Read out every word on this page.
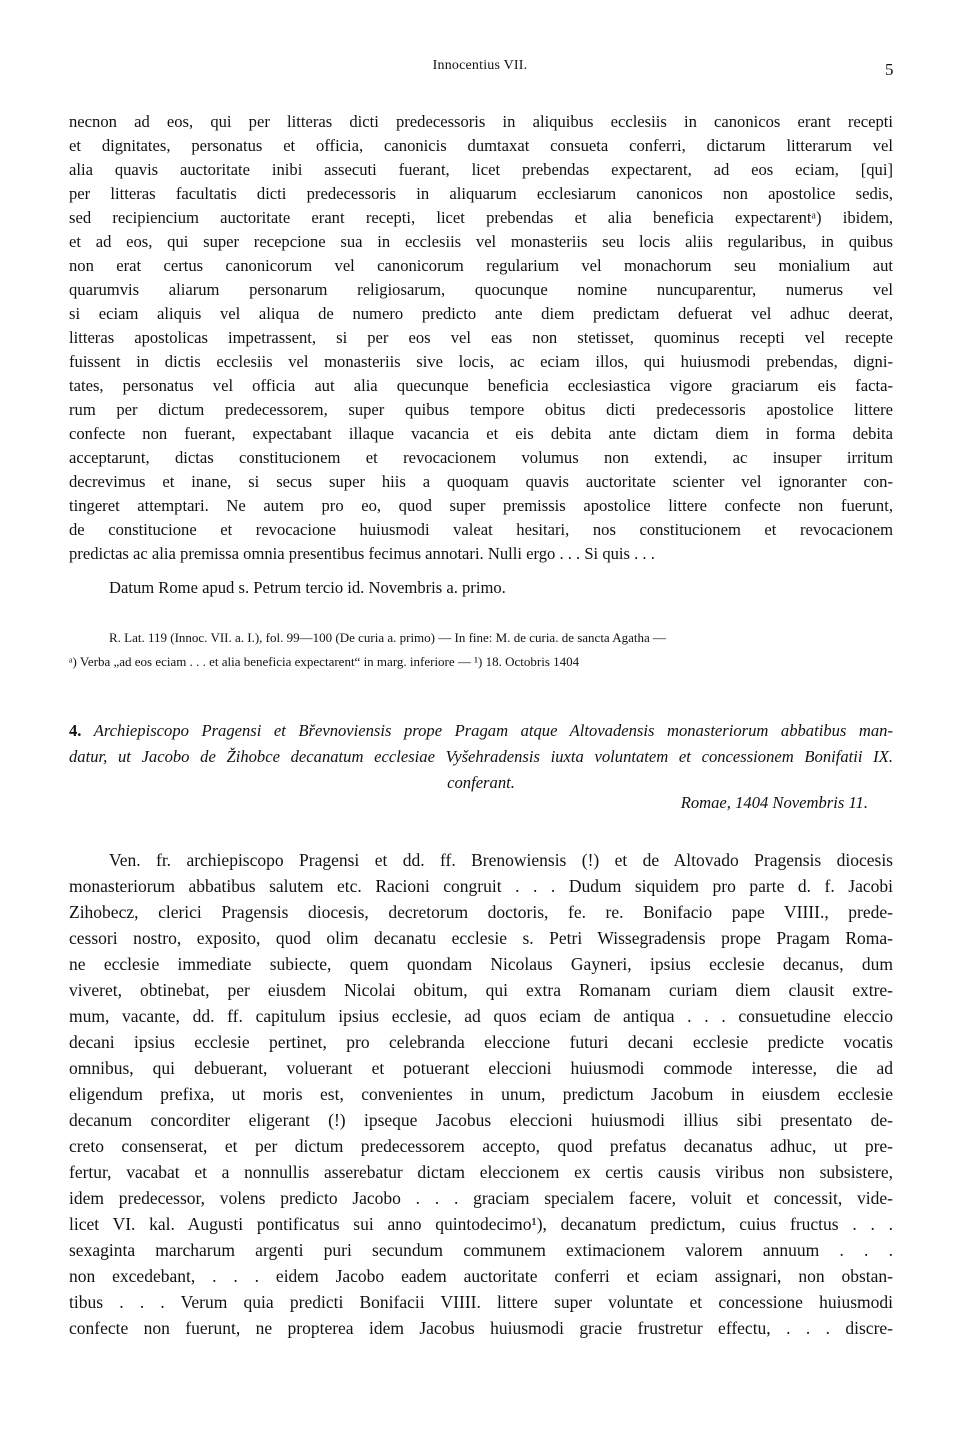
Innocentius VII.	5
necnon ad eos, qui per litteras dicti predecessoris in aliquibus ecclesiis in canonicos erant recepti
et dignitates, personatus et officia, canonicis dumtaxat consueta conferri, dictarum litterarum vel
alia quavis auctoritate inibi assecuti fuerant, licet prebendas expectarent, ad eos eciam, [qui]
per litteras facultatis dicti predecessoris in aliquarum ecclesiarum canonicos non apostolice sedis,
sed recipiencium auctoritate erant recepti, licet prebendas et alia beneficia expectarentᵃ) ibidem,
et ad eos, qui super recepcione sua in ecclesiis vel monasteriis seu locis aliis regularibus, in quibus
non erat certus canonicorum vel canonicorum regularium vel monachorum seu monialium aut
quarumvis aliarum personarum religiosarum, quocunque nomine nuncuparentur, numerus vel
si eciam aliquis vel aliqua de numero predicto ante diem predictam defuerat vel adhuc deerat,
litteras apostolicas impetrassent, si per eos vel eas non stetisset, quominus recepti vel recepte
fuissent in dictis ecclesiis vel monasteriis sive locis, ac eciam illos, qui huiusmodi prebendas, digni-
tates, personatus vel officia aut alia quecunque beneficia ecclesiastica vigore graciarum eis facta-
rum per dictum predecessorem, super quibus tempore obitus dicti predecessoris apostolice littere
confecte non fuerant, expectabant illaque vacancia et eis debita ante dictam diem in forma debita
acceptarunt, dictas constitucionem et revocacionem volumus non extendi, ac insuper irritum
decrevimus et inane, si secus super hiis a quoquam quavis auctoritate scienter vel ignoranter con-
tingeret attemptari. Ne autem pro eo, quod super premissis apostolice littere confecte non fuerunt,
de constitucione et revocacione huiusmodi valeat hesitari, nos constitucionem et revocacionem
predictas ac alia premissa omnia presentibus fecimus annotari. Nulli ergo . . . Si quis . . .
Datum Rome apud s. Petrum tercio id. Novembris a. primo.
R. Lat. 119 (Innoc. VII. a. I.), fol. 99—100 (De curia a. primo) — In fine: M. de curia. de sancta Agatha —
ᵃ) Verba „ad eos eciam . . . et alia beneficia expectarent“ in marg. inferiore — ¹) 18. Octobris 1404
4. Archiepiscopo Pragensi et Břevnoviensis prope Pragam atque Altovadensis monasteriorum abbatibus man-
datur, ut Jacobo de Žihobce decanatum ecclesiae Vyšehradensis iuxta voluntatem et concessionem Bonifatii IX.
conferant.
Romae, 1404 Novembris 11.
Ven. fr. archiepiscopo Pragensi et dd. ff. Brenowiensis (!) et de Altovado Pragensis diocesis
monasteriorum abbatibus salutem etc. Racioni congruit . . . Dudum siquidem pro parte d. f. Jacobi
Zihobecz, clerici Pragensis diocesis, decretorum doctoris, fe. re. Bonifacio pape VIIII., prede-
cessori nostro, exposito, quod olim decanatu ecclesie s. Petri Wissegradensis prope Pragam Roma-
ne ecclesie immediate subiecte, quem quondam Nicolaus Gayneri, ipsius ecclesie decanus, dum
viveret, obtinebat, per eiusdem Nicolai obitum, qui extra Romanam curiam diem clausit extre-
mum, vacante, dd. ff. capitulum ipsius ecclesie, ad quos eciam de antiqua . . . consuetudine eleccio
decani ipsius ecclesie pertinet, pro celebranda eleccione futuri decani ecclesie predicte vocatis
omnibus, qui debuerant, voluerant et potuerant eleccioni huiusmodi commode interesse, die ad
eligendum prefixa, ut moris est, convenientes in unum, predictum Jacobum in eiusdem ecclesie
decanum concorditer eligerant (!) ipseque Jacobus eleccioni huiusmodi illius sibi presentato de-
creto consenserat, et per dictum predecessorem accepto, quod prefatus decanatus adhuc, ut pre-
fertur, vacabat et a nonnullis asserebatur dictam eleccionem ex certis causis viribus non subsistere,
idem predecessor, volens predicto Jacobo . . . graciam specialem facere, voluit et concessit, vide-
licet VI. kal. Augusti pontificatus sui anno quintodecimo¹), decanatum predictum, cuius fructus . . .
sexaginta marcharum argenti puri secundum communem extimacionem valorem annuum . . .
non excedebant, . . . eidem Jacobo eadem auctoritate conferri et eciam assignari, non obstan-
tibus . . . Verum quia predicti Bonifacii VIIII. littere super voluntate et concessione huiusmodi
confecte non fuerunt, ne propterea idem Jacobus huiusmodi gracie frustretur effectu, . . . discre-
